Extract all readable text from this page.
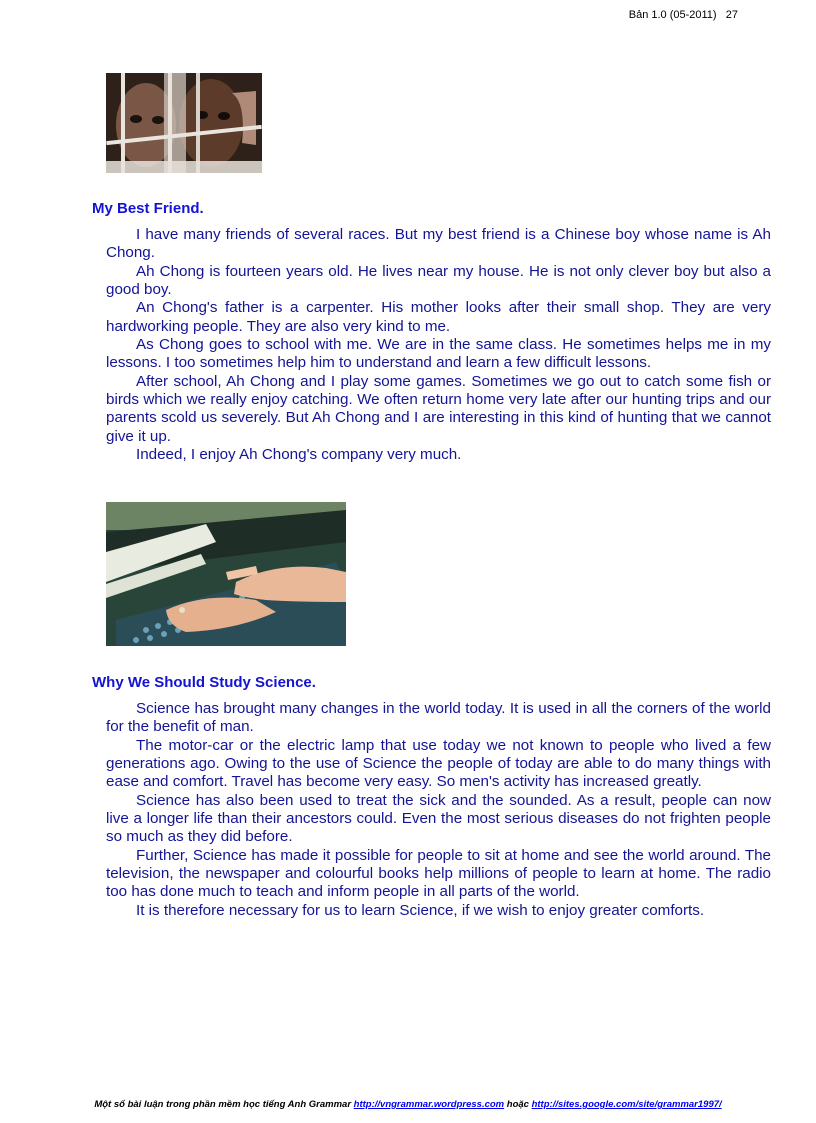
Bản 1.0 (05-2011)   27
My Best Friend.

I have many friends of several races. But my best friend is a Chinese boy whose name is Ah Chong.

Ah Chong is fourteen years old. He lives near my house. He is not only clever boy but also a good boy.

An Chong's father is a carpenter. His mother looks after their small shop. They are very hardworking people. They are also very kind to me.

As Chong goes to school with me. We are in the same class. He sometimes helps me in my lessons. I too sometimes help him to understand and learn a few difficult lessons.

After school, Ah Chong and I play some games. Sometimes we go out to catch some fish or birds which we really enjoy catching. We often return home very late after our hunting trips and our parents scold us severely. But Ah Chong and I are interesting in this kind of hunting that we cannot give it up.

Indeed, I enjoy Ah Chong's company very much.

Why We Should Study Science.

Science has brought many changes in the world today. It is used in all the corners of the world for the benefit of man.

The motor-car or the electric lamp that use today we not known to people who lived a few generations ago. Owing to the use of Science the people of today are able to do many things with ease and comfort. Travel has become very easy. So men's activity has increased greatly.

Science has also been used to treat the sick and the sounded. As a result, people can now live a longer life than their ancestors could. Even the most serious diseases do not frighten people so much as they did before.

Further, Science has made it possible for people to sit at home and see the world around. The television, the newspaper and colourful books help millions of people to learn at home. The radio too has done much to teach and inform people in all parts of the world.

It is therefore necessary for us to learn Science, if we wish to enjoy greater comforts.

Một số bài luận trong phần mềm học tiếng Anh Grammar http://vngrammar.wordpress.com hoặc http://sites.google.com/site/grammar1997/
